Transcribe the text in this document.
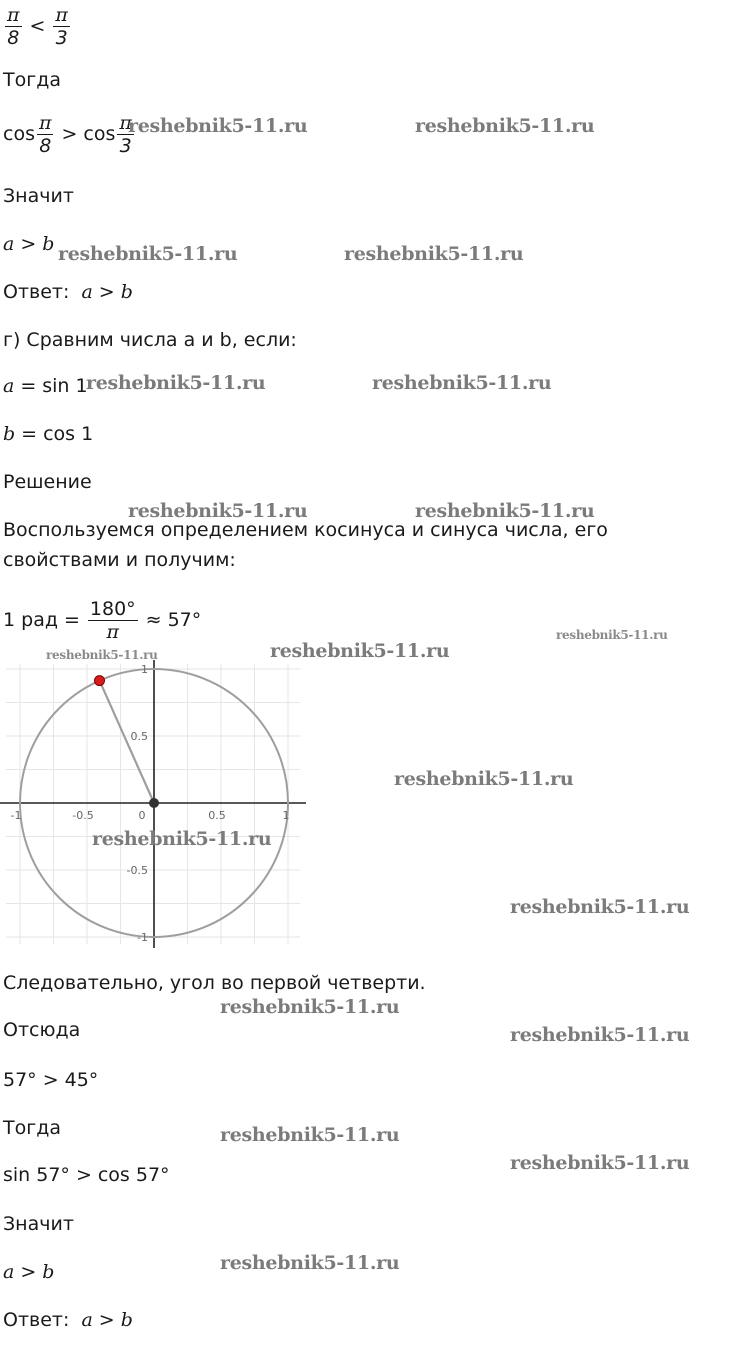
$\frac{\pi}{8} < \frac{\pi}{3}$
Тогда
$\cos \frac{\pi}{8} > \cos \frac{\pi}{3}$
Значит
a > b
Ответ: a > b
г) Сравним числа a и b, если:
a = sin 1
b = cos 1
Решение
Воспользуемся определением косинуса и синуса числа, его свойствами и получим:
1 рад = $\frac{180^\circ}{\pi} \approx 57^\circ$
-1	-0.5	0	0.5	1
1
0.5
-0.5
-1
Следовательно, угол во первой четверти.
Отсюда
57° > 45°
Тогда
sin 57° > cos 57°
Значит
a > b
Ответ: a > b
reshebnik5-11.ru	reshebnik5-11.ru
reshebnik5-11.ru	reshebnik5-11.ru
reshebnik5-11.ru	reshebnik5-11.ru
reshebnik5-11.ru	reshebnik5-11.ru
reshebnik5-11.ru
reshebnik5-11.ru	reshebnik5-11.ru
reshebnik5-11.ru
reshebnik5-11.ru
reshebnik5-11.ru
reshebnik5-11.ru
reshebnik5-11.ru
reshebnik5-11.ru
reshebnik5-11.ru
reshebnik5-11.ru
